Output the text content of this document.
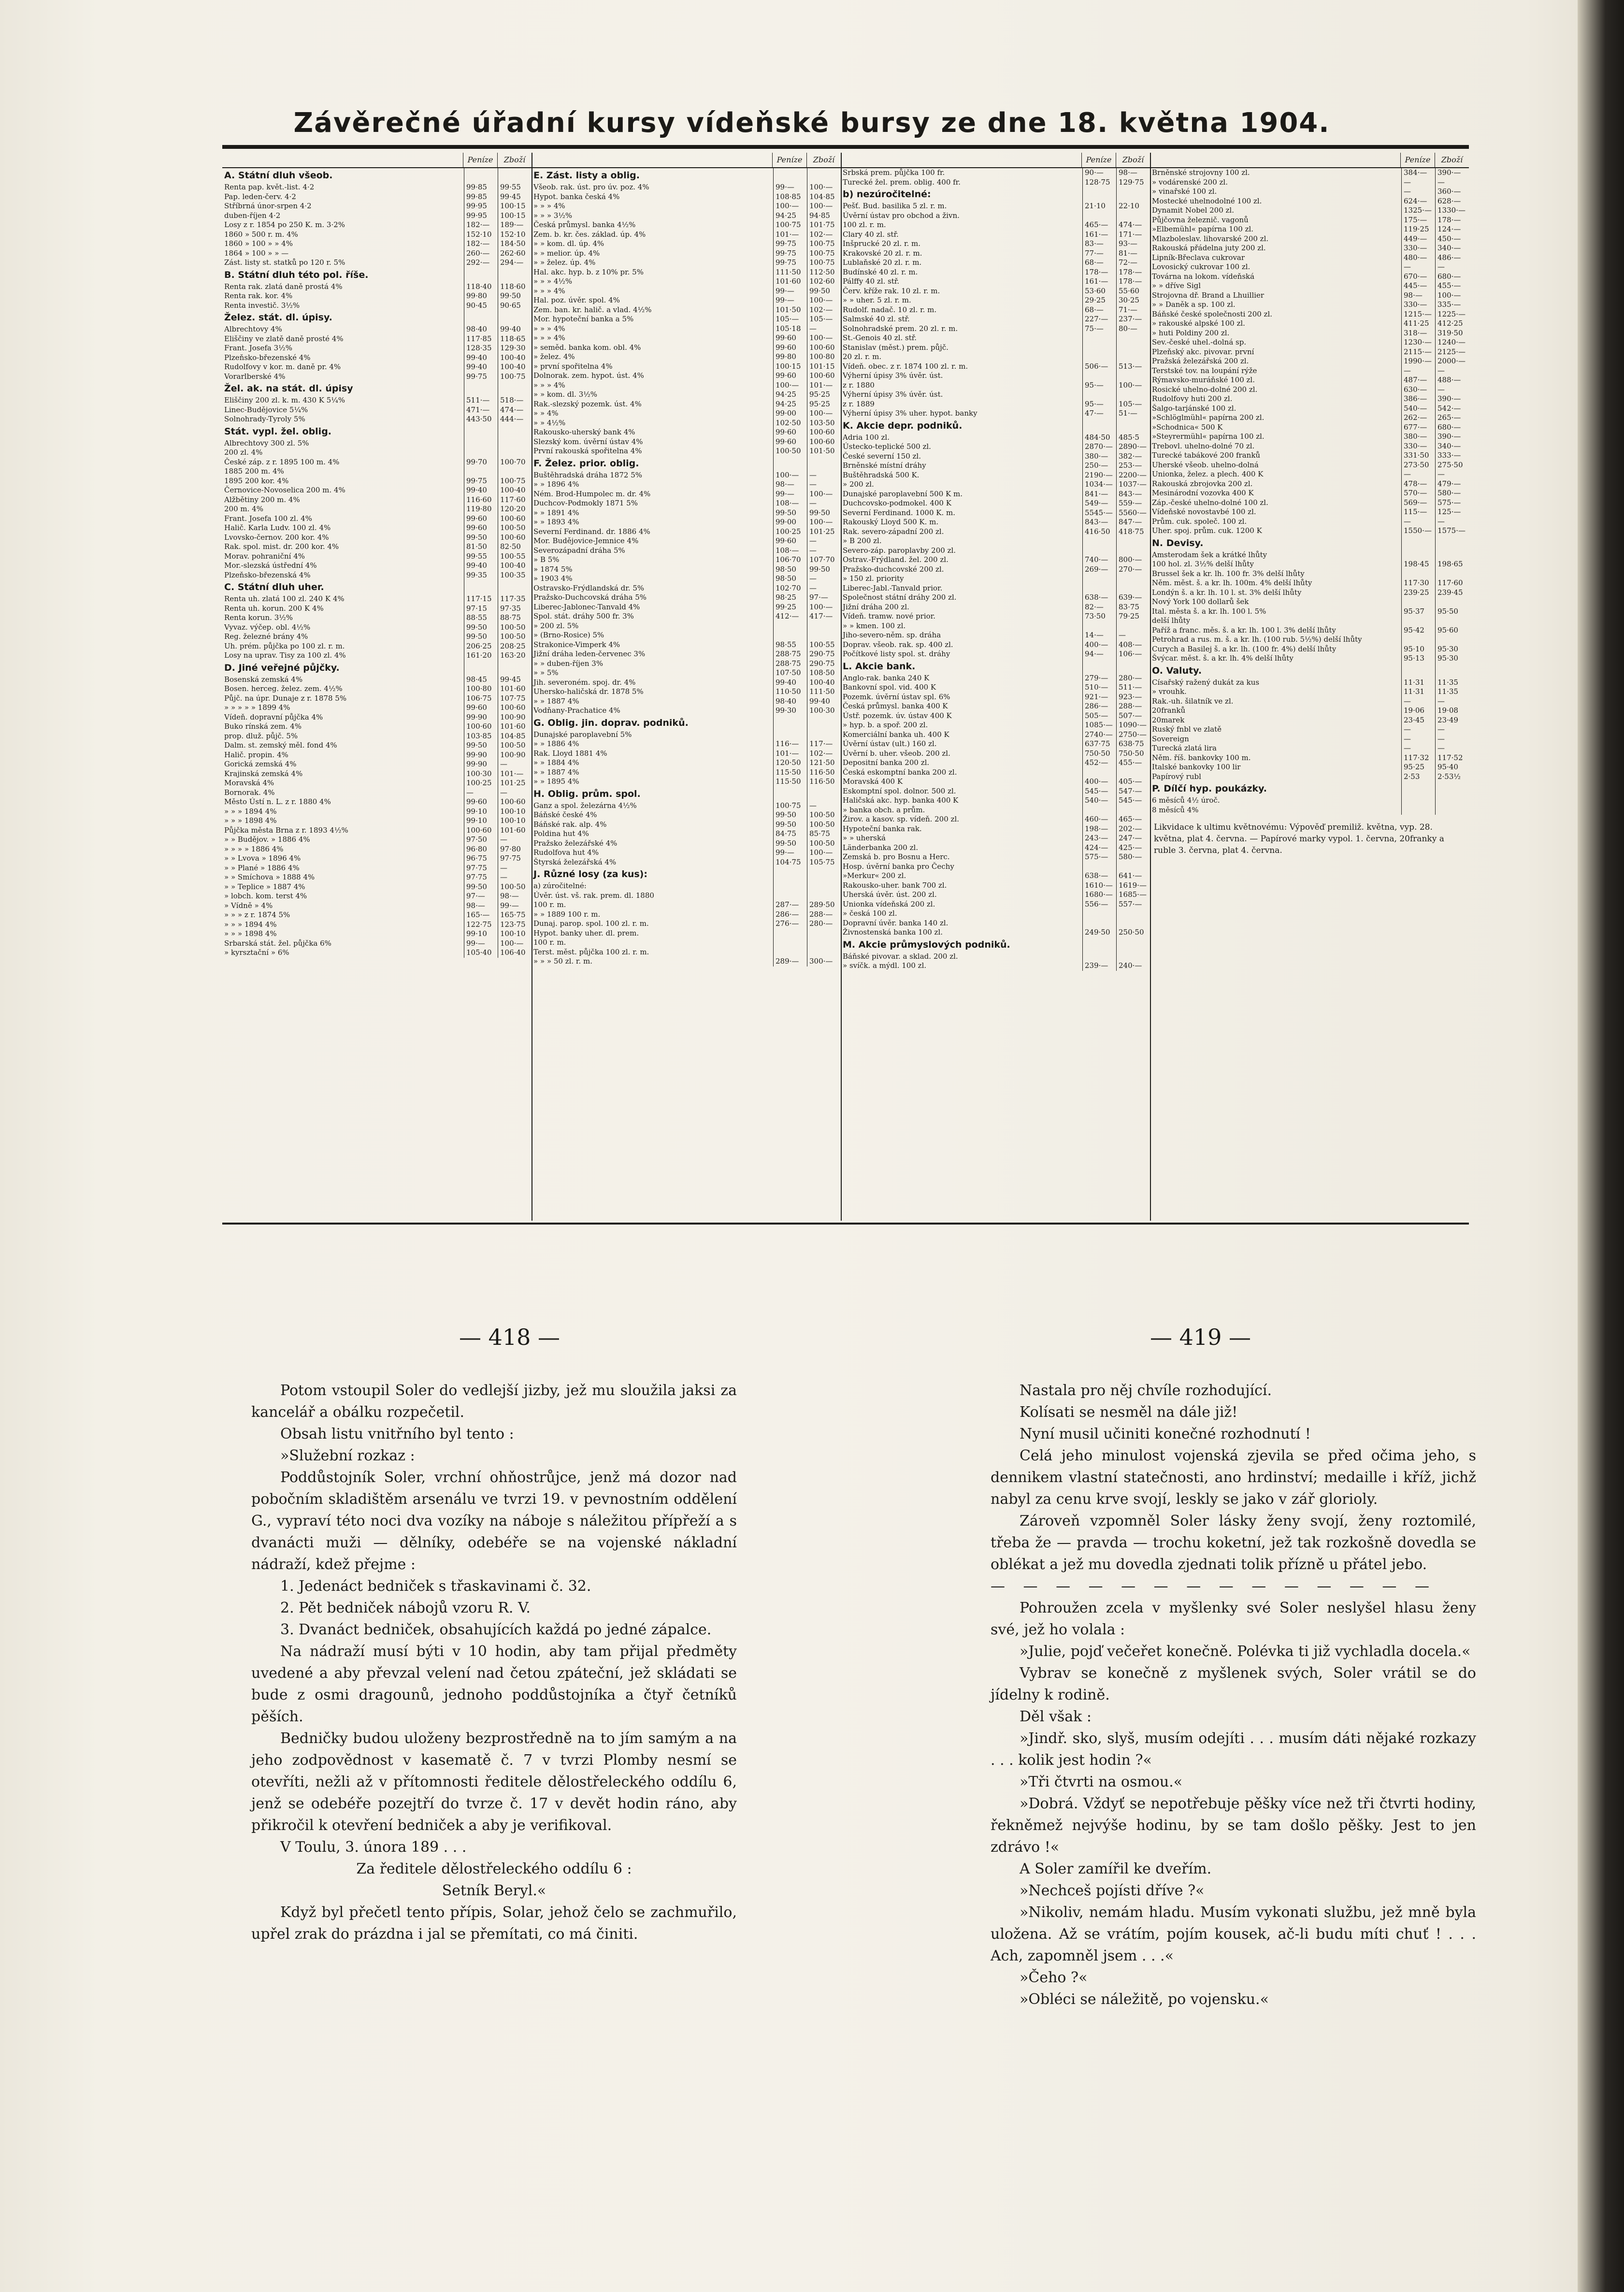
Závěrečné úřadní kursy vídeňské bursy ze dne 18. května 1904.
Peníze	Zboží
A. Státní dluh všeob.
Renta pap. květ.-list. 4·2	99·85	99·55
Pap. leden-červ. 4·2	99·85	99·45
Stříbrná únor-srpen 4·2	99·95	100·15
duben-říjen 4·2	99·95	100·15
Losy z r. 1854 po 250 K. m. 3·2%	182·—	189·—
1860 » 500 r. m. 4%	152·10	152·10
1860 » 100 » » 4%	182·—	184·50
1864 » 100 » » —	260·—	262·60
Zást. listy st. statků po 120 r. 5%	292·—	294·—
B. Státní dluh této pol. říše.
Renta rak. zlatá daně prostá 4%	118·40	118·60
Renta rak. kor. 4%	99·80	99·50
Renta investič. 3½%	90·45	90·65
Želez. stát. dl. úpisy.
Albrechtovy 4%	98·40	99·40
Eliščiny ve zlatě daně prosté 4%	117·85	118·65
Frant. Josefa 3½%	128·35	129·30
Plzeňsko-březenské 4%	99·40	100·40
Rudolfovy v kor. m. daně pr. 4%	99·40	100·40
Vorarlberské 4%	99·75	100·75
Žel. ak. na stát. dl. úpisy
Eliščiny 200 zl. k. m. 430 K 5¼%	511·—	518·—
Linec-Budějovice 5¼%	471·—	474·—
Solnohrady-Tyroly 5%	443·50	444·—
Stát. vypl. žel. oblig.
Albrechtovy 300 zl. 5%
200 zl. 4%
České záp. z r. 1895 100 m. 4%	99·70	100·70
1885 200 m. 4%
1895 200 kor. 4%	99·75	100·75
Černovice-Novoselica 200 m. 4%	99·40	100·40
Alžbětiny 200 m. 4%	116·60	117·60
200 m. 4%	119·80	120·20
Frant. Josefa 100 zl. 4%	99·60	100·60
Halič. Karla Ludv. 100 zl. 4%	99·60	100·50
Lvovsko-černov. 200 kor. 4%	99·50	100·60
Rak. spol. mist. dr. 200 kor. 4%	81·50	82·50
Morav. pohraniční 4%	99·55	100·55
Mor.-slezská ústřední 4%	99·40	100·40
Plzeňsko-březenská 4%	99·35	100·35
C. Státní dluh uher.
Renta uh. zlatá 100 zl. 240 K 4%	117·15	117·35
Renta uh. korun. 200 K 4%	97·15	97·35
Renta korun. 3½%	88·55	88·75
Vyvaz. výčep. obl. 4½%	99·50	100·50
Reg. železné brány 4%	99·50	100·50
Uh. prém. půjčka po 100 zl. r. m.	206·25	208·25
Losy na uprav. Tisy za 100 zl. 4%	161·20	163·20
D. Jiné veřejné půjčky.
Bosenská zemská 4%	98·45	99·45
Bosen. herceg. želez. zem. 4½%	100·80	101·60
Půjč. na úpr. Dunaje z r. 1878 5%	106·75	107·75
» » » » » 1899 4%	99·60	100·60
Vídeň. dopravní půjčka 4%	99·90	100·90
Buko rínská zem. 4%	100·60	101·60
prop. dluž. půjč. 5%	103·85	104·85
Dalm. st. zemský měl. fond 4%	99·50	100·50
Halič. propin. 4%	99·90	100·90
Gorická zemská 4%	99·90	—
Krajinská zemská 4%	100·30	101·—
Moravská 4%	100·25	101·25
Bornorak. 4%	—	—
Město Ústí n. L. z r. 1880 4%	99·60	100·60
» » » 1894 4%	99·10	100·10
» » » 1898 4%	99·10	100·10
Půjčka města Brna z r. 1893 4½%	100·60	101·60
» » Budějov. » 1886 4%	97·50	—
» » » » 1886 4%	96·80	97·80
» » Lvova » 1896 4%	96·75	97·75
» » Plané » 1886 4%	97·75	—
» » Smíchova » 1888 4%	97·75	—
» » Teplice » 1887 4%	99·50	100·50
» lobch. kom. terst 4%	97·—	98·—
» Vídně » 4%	98·—	99·—
» » » z r. 1874 5%	165·—	165·75
» » » 1894 4%	122·75	123·75
» » » 1898 4%	99·10	100·10
Srbarská stát. žel. půjčka 6%	99·—	100·—
» kyrsztační » 6%	105·40	106·40
Peníze	Zboží
E. Zást. listy a oblig.
Všeob. rak. úst. pro úv. poz. 4%	99·—	100·—
Hypot. banka česká 4%	108·85	104·85
» » » 4%	100·—	100·—
» » » 3½%	94·25	94·85
Česká průmysl. banka 4½%	100·75	101·75
Zem. b. kr. čes. základ. úp. 4%	101·—	102·—
» » kom. dl. úp. 4%	99·75	100·75
» » melior. úp. 4%	99·75	100·75
» » želez. úp. 4%	99·75	100·75
Hal. akc. hyp. b. z 10% pr. 5%	111·50	112·50
» » » 4½%	101·60	102·60
» » » 4%	99·—	99·50
Hal. poz. úvěr. spol. 4%	99·—	100·—
Zem. ban. kr. halič. a vlad. 4½%	101·50	102·—
Mor. hypoteční banka a 5%	105·—	105·—
» » » 4%	105·18	—
» » » 4%	99·60	100·—
» seměd. banka kom. obl. 4%	99·60	100·60
» želez. 4%	99·80	100·80
» první spořitelna 4%	100·15	101·15
Dolnorak. zem. hypot. úst. 4%	99·60	100·60
» » » 4%	100·—	101·—
» » kom. dl. 3½%	94·25	95·25
Rak.-slezský pozemk. úst. 4%	94·25	95·25
» » 4%	99·00	100·—
» » 4½%	102·50	103·50
Rakousko-uherský bank 4%	99·60	100·60
Slezský kom. úvěrní ústav 4%	99·60	100·60
První rakouská spořitelna 4%	100·50	101·50
F. Želez. prior. oblig.
Buštěhradská dráha 1872 5%	100·—	—
» » 1896 4%	98·—	—
Ném. Brod-Humpolec m. dr. 4%	99·—	100·—
Duchcov-Podmokly 1871 5%	108·—	—
» » 1891 4%	99·50	99·50
» » 1893 4%	99·00	100·—
Severní Ferdinand. dr. 1886 4%	100·25	101·25
Mor. Budějovice-Jemnice 4%	99·60	—
Severozápadní dráha 5%	108·—	—
» B 5%	106·70	107·70
» 1874 5%	98·50	99·50
» 1903 4%	98·50	—
Ostravsko-Frýdlandská dr. 5%	102·70	—
Pražsko-Duchcovská dráha 5%	98·25	97·—
Liberec-Jablonec-Tanvald 4%	99·25	100·—
Spol. stát. dráhy 500 fr. 3%	412·—	417·—
» 200 zl. 5%
» (Brno-Rosice) 5%
Strakonice-Vimperk 4%	98·55	100·55
Jižní dráha leden-červenec 3%	288·75	290·75
» » duben-říjen 3%	288·75	290·75
» » 5%	107·50	108·50
Jih. severoném. spoj. dr. 4%	99·40	100·40
Uhersko-haličská dr. 1878 5%	110·50	111·50
» » 1887 4%	98·40	99·40
Vodňany-Prachatice 4%	99·30	100·30
G. Oblig. jin. doprav. podniků.
Dunajské paroplavební 5%
» » 1886 4%	116·—	117·—
Rak. Lloyd 1881 4%	101·—	102·—
» » 1884 4%	120·50	121·50
» » 1887 4%	115·50	116·50
» » 1895 4%	115·50	116·50
H. Oblig. prům. spol.
Ganz a spol. železárna 4½%	100·75	—
Báňské české 4%	99·50	100·50
Báňské rak. alp. 4%	99·50	100·50
Poldina hut 4%	84·75	85·75
Pražsko železářské 4%	99·50	100·50
Rudolfova hut 4%	99·—	100·—
Štyrská železářská 4%	104·75	105·75
J. Různé losy (za kus):
a) zúročitelné:
Úvěr. úst. vš. rak. prem. dl. 1880
100 r. m.	287·—	289·50
» » 1889 100 r. m.	286·—	288·—
Dunaj. parop. spol. 100 zl. r. m.	276·—	280·—
Hypot. banky uher. dl. prem.
100 r. m.
Terst. měst. půjčka 100 zl. r. m.
» » » 50 zl. r. m.	289·—	300·—
Peníze	Zboží
Srbská prem. půjčka 100 fr.	90·—	98·—
Turecké žel. prem. oblig. 400 fr.	128·75	129·75
b) nezúročitelné:
Pešť. Bud. basilika 5 zl. r. m.	21·10	22·10
Úvěrní ústav pro obchod a živn.
100 zl. r. m.	465·—	474·—
Clary 40 zl. stř.	161·—	171·—
Inšprucké 20 zl. r. m.	83·—	93·—
Krakovské 20 zl. r. m.	77·—	81·—
Lublaňské 20 zl. r. m.	68·—	72·—
Budínské 40 zl. r. m.	178·—	178·—
Pálffy 40 zl. stř.	161·—	178·—
Červ. kříže rak. 10 zl. r. m.	53·60	55·60
» » uher. 5 zl. r. m.	29·25	30·25
Rudolf. nadač. 10 zl. r. m.	68·—	71·—
Salmské 40 zl. stř.	227·—	237·—
Solnohradské prem. 20 zl. r. m.	75·—	80·—
St.-Genois 40 zl. stř.
Stanislav (měst.) prem. půjč.
20 zl. r. m.
Vídeň. obec. z r. 1874 100 zl. r. m.	506·—	513·—
Výherní úpisy 3% úvěr. úst.
z r. 1880	95·—	100·—
Výherní úpisy 3% úvěr. úst.
z r. 1889	95·—	105·—
Výherní úpisy 3% uher. hypot. banky	47·—	51·—
K. Akcie depr. podniků.
Adria 100 zl.	484·50	485·5
Ústecko-teplické 500 zl.	2870·— 2890·—
České severní 150 zl.	380·—	382·—
Brněnské místní dráhy	250·—	253·—
Buštěhradská 500 K.	2190·— 2200·—
» 200 zl.	1034·— 1037·—
Dunajské paroplavební 500 K m.	841·—	843·—
Duchcovsko-podmokel. 400 K	549·—	559·—
Severní Ferdinand. 1000 K. m.	5545·— 5560·—
Rakouský Lloyd 500 K. m.	843·—	847·—
Rak. severo-západní 200 zl.	416·50	418·75
» B 200 zl.
Severo-záp. paroplavby 200 zl.
Ostrav.-Frýdland. žel. 200 zl.	740·—	800·—
Pražsko-duchcovské 200 zl.	269·—	270·—
» 150 zl. priority
Liberec-Jabl.-Tanvald prior.
Společnost státní dráhy 200 zl.	638·—	639·—
Jižní dráha 200 zl.	82·—	83·75
Vídeň. tramw. nové prior.	73·50	79·25
» » kmen. 100 zl.
Jiho-severo-něm. sp. dráha	14·—	—
Doprav. všeob. rak. sp. 400 zl.	400·—	408·—
Počítkové listy spol. st. dráhy	94·—	106·—
L. Akcie bank.
Anglo-rak. banka 240 K	279·—	280·—
Bankovní spol. vid. 400 K	510·—	511·—
Pozemk. úvěrní ústav spl. 6%	921·—	923·—
Česká průmysl. banka 400 K	286·—	288·—
Ústř. pozemk. úv. ústav 400 K	505·—	507·—
» hyp. b. a spoř. 200 zl.	1085·— 1090·—
Komerciální banka uh. 400 K	2740·— 2750·—
Úvěrní ústav (ult.) 160 zl.	637·75	638·75
Úvěrní b. uher. všeob. 200 zl.	750·50	750·50
Depositní banka 200 zl.	452·—	455·—
Česká eskomptní banka 200 zl.
Moravská 400 K	400·—	405·—
Eskomptní spol. dolnor. 500 zl.	545·—	547·—
Haličská akc. hyp. banka 400 K	540·—	545·—
» banka obch. a prům.
Žirov. a kasov. sp. vídeň. 200 zl.	460·—	465·—
Hypoteční banka rak.	198·—	202·—
» » uherská	243·—	247·—
Länderbanka 200 zl.	424·—	425·—
Zemská b. pro Bosnu a Herc.	575·—	580·—
Hosp. úvěrní banka pro Čechy
»Merkur« 200 zl.	638·—	641·—
Rakousko-uher. bank 700 zl.	1610·— 1619·—
Uherská úvěr. úst. 200 zl.	1680·— 1685·—
Unionka vídeňská 200 zl.	556·—	557·—
» česká 100 zl.
Dopravní úvěr. banka 140 zl.
Živnostenská banka 100 zl.	249·50	250·50
M. Akcie průmyslových podniků.
Báňské pivovar. a sklad. 200 zl.
» svíčk. a mýdl. 100 zl.	239·—	240·—
Peníze	Zboží
Brněnské strojovny 100 zl.	384·—	390·—
» vodárenské 200 zl.	—	—
» vinařské 100 zl.	—	360·—
Mostecké uhelnodolné 100 zl.	624·—	628·—
Dynamit Nobel 200 zl.	1325·— 1330·—
Půjčovna železnič. vagonů	175·—	178·—
»Elbemühl« papírna 100 zl.	119·25	124·—
Mlazboleslav. lihovarské 200 zl.	449·—	450·—
Rakouská přádelna juty 200 zl.	330·—	340·—
Lipník-Břeclava cukrovar	480·—	486·—
Lovosický cukrovar 100 zl.	—	—
Továrna na lokom. vídeňská	670·—	680·—
» » dříve Sigl	445·—	455·—
Strojovna dř. Brand a Lhuillier	98·—	100·—
» » Daněk a sp. 100 zl.	330·—	335·—
Báňské české společnosti 200 zl.	1215·— 1225·—
» rakouské alpské 100 zl.	411·25	412·25
» huti Poldiny 200 zl.	318·—	319·50
Sev.-české uhel.-dolná sp.	1230·— 1240·—
Plzeňský akc. pivovar. první	2115·— 2125·—
Pražská železářská 200 zl.	1990·— 2000·—
Terstské tov. na loupání rýže	—	—
Rýmavsko-muráňské 100 zl.	487·—	488·—
Rosické uhelno-dolné 200 zl.	630·—	—
Rudolfovy huti 200 zl.	386·—	390·—
Šalgo-tarjánské 100 zl.	540·—	542·—
»Schlöglmühl« papírna 200 zl.	262·—	265·—
»Schodnica« 500 K	677·—	680·—
»Steyrermühl« papírna 100 zl.	380·—	390·—
Trebovl. uhelno-dolné 70 zl.	330·—	340·—
Turecké tabákové 200 franků	331·50	333·—
Uherské všeob. uhelno-dolná	273·50	275·50
Unionka, želez. a plech. 400 K	—	—
Rakouská zbrojovka 200 zl.	478·—	479·—
Mesinárodní vozovka 400 K	570·—	580·—
Záp.-české uhelno-dolné 100 zl.	569·—	575·—
Vídeňské novostavbé 100 zl.	115·—	125·—
Prům. cuk. společ. 100 zl.	—	—
Uher. spoj. prům. cuk. 1200 K	1550·— 1575·—
N. Devisy.
Amsterodam šek a krátké lhůty
100 hol. zl. 3½% delší lhůty	198·45	198·65
Brussel šek a kr. lh. 100 fr. 3% delší lhůty
Něm. měst. š. a kr. lh. 100m. 4% delší lhůty	117·30	117·60
Londýn š. a kr. lh. 10 l. st. 3% delší lhůty	239·25	239·45
Nový York 100 dollarů šek
Ital. města š. a kr. lh. 100 l. 5%	95·37	95·50
delší lhůty
Paříž a franc. měs. š. a kr. lh. 100 l. 3% delší lhůty	95·42	95·60
Petrohrad a rus. m. š. a kr. lh. (100 rub. 5½%) delší lhůty
Curych a Basilej š. a kr. lh. (100 fr. 4%) delší lhůty	95·10	95·30
Švýcar. měst. š. a kr. lh. 4% delší lhůty	95·13	95·30
O. Valuty.
Císařský ražený dukát za kus	11·31	11·35
» vrouhk.	11·31	11·35
Rak.-uh. šilatník ve zl.	—	—
20franků	19·06	19·08
20marek	23·45	23·49
Ruský fnbl ve zlatě	—	—
Sovereign	—	—
Turecká zlatá lira	—	—
Něm. říš. bankovky 100 m.	117·32	117·52
Italské bankovky 100 lir	95·25	95·40
Papírový rubl	2·53	2·53½
P. Dílčí hyp. poukázky.
6 měsíců 4½ úroč.
8 měsíců 4%
Likvidace k ultimu květnovému: Výpověď premiliž. května, vyp. 28. května, plat 4. června. — Papírové marky vypol. 1. června, 20franky a ruble 3. června, plat 4. června.
— 418 —	— 419 —

Potom vstoupil Soler do vedlejší jizby, jež mu sloužila jaksi za kancelář a obálku rozpečetil.

Obsah listu vnitřního byl tento :

»Služební rozkaz :

Poddůstojník Soler, vrchní ohňostrůjce, jenž má dozor nad pobočním skladištěm arsenálu ve tvrzi 19. v pevnostním oddělení G., vypraví této noci dva vozíky na náboje s náležitou přípřeží a s dvanácti muži — dělníky, odebéře se na vojenské nákladní nádraží, kdež přejme :

1. Jedenáct bedniček s třaskavinami č. 32.

2. Pět bedniček nábojů vzoru R. V.

3. Dvanáct bedniček, obsahujících každá po jedné zápalce.

Na nádraží musí býti v 10 hodin, aby tam přijal předměty uvedené a aby převzal velení nad četou zpáteční, jež skládati se bude z osmi dragounů, jednoho poddůstojníka a čtyř četníků pěších.

Bedničky budou uloženy bezprostředně na to jím samým a na jeho zodpovědnost v kasematě č. 7 v tvrzi Plomby nesmí se otevříti, nežli až v přítomnosti ředitele dělostřeleckého oddílu 6, jenž se odebéře pozejtří do tvrze č. 17 v devět hodin ráno, aby přikročil k otevření bedniček a aby je verifikoval.

V Toulu, 3. února 189 . . .

Za ředitele dělostřeleckého oddílu 6 :

Setník Beryl.«

Když byl přečetl tento přípis, Solar, jehož čelo se zachmuřilo, upřel zrak do prázdna i jal se přemítati, co má činiti.

Nastala pro něj chvíle rozhodující.

Kolísati se nesměl na dále již!

Nyní musil učiniti konečné rozhodnutí !

Celá jeho minulost vojenská zjevila se před očima jeho, s dennikem vlastní statečnosti, ano hrdinství; medaille i kříž, jichž nabyl za cenu krve svojí, leskly se jako v zář glorioly.

Zároveň vzpomněl Soler lásky ženy svojí, ženy roztomilé, třeba že — pravda — trochu koketní, jež tak rozkošně dovedla se oblékat a jež mu dovedla zjednati tolik přízně u přátel jebo.

— — — — — — — — — — — — — —

Pohroužen zcela v myšlenky své Soler neslyšel hlasu ženy své, jež ho volala :

»Julie, pojď večeřet konečně. Polévka ti již vychladla docela.«

Vybrav se konečně z myšlenek svých, Soler vrátil se do jídelny k rodině.

Děl však :

»Jindř. sko, slyš, musím odejíti . . . musím dáti nějaké rozkazy . . . kolik jest hodin ?«

»Tři čtvrti na osmou.«

»Dobrá. Vždyť se nepotřebuje pěšky více než tři čtvrti hodiny, řekněmež nejvýše hodinu, by se tam došlo pěšky. Jest to jen zdrávo !«

A Soler zamířil ke dveřím.

»Nechceš pojísti dříve ?«

»Nikoliv, nemám hladu. Musím vykonati službu, jež mně byla uložena. Až se vrátím, pojím kousek, ač-li budu míti chuť ! . . . Ach, zapomněl jsem . . .«

»Čeho ?«

»Obléci se náležitě, po vojensku.«
